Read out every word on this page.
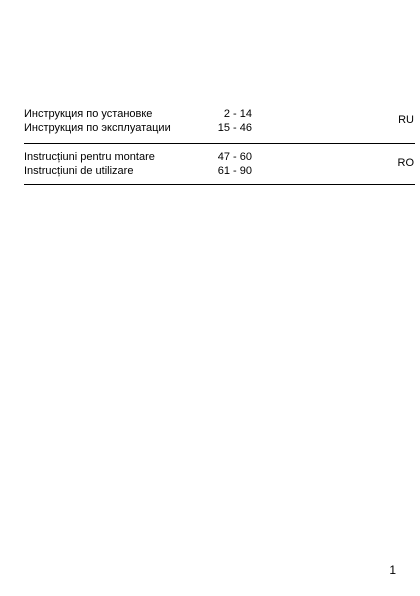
Инструкция по установке	2 - 14
Инструкция по эксплуатации	15 - 46
RU
Instrucțiuni pentru montare	47 - 60
Instrucțiuni de utilizare	61 - 90
RO
1
